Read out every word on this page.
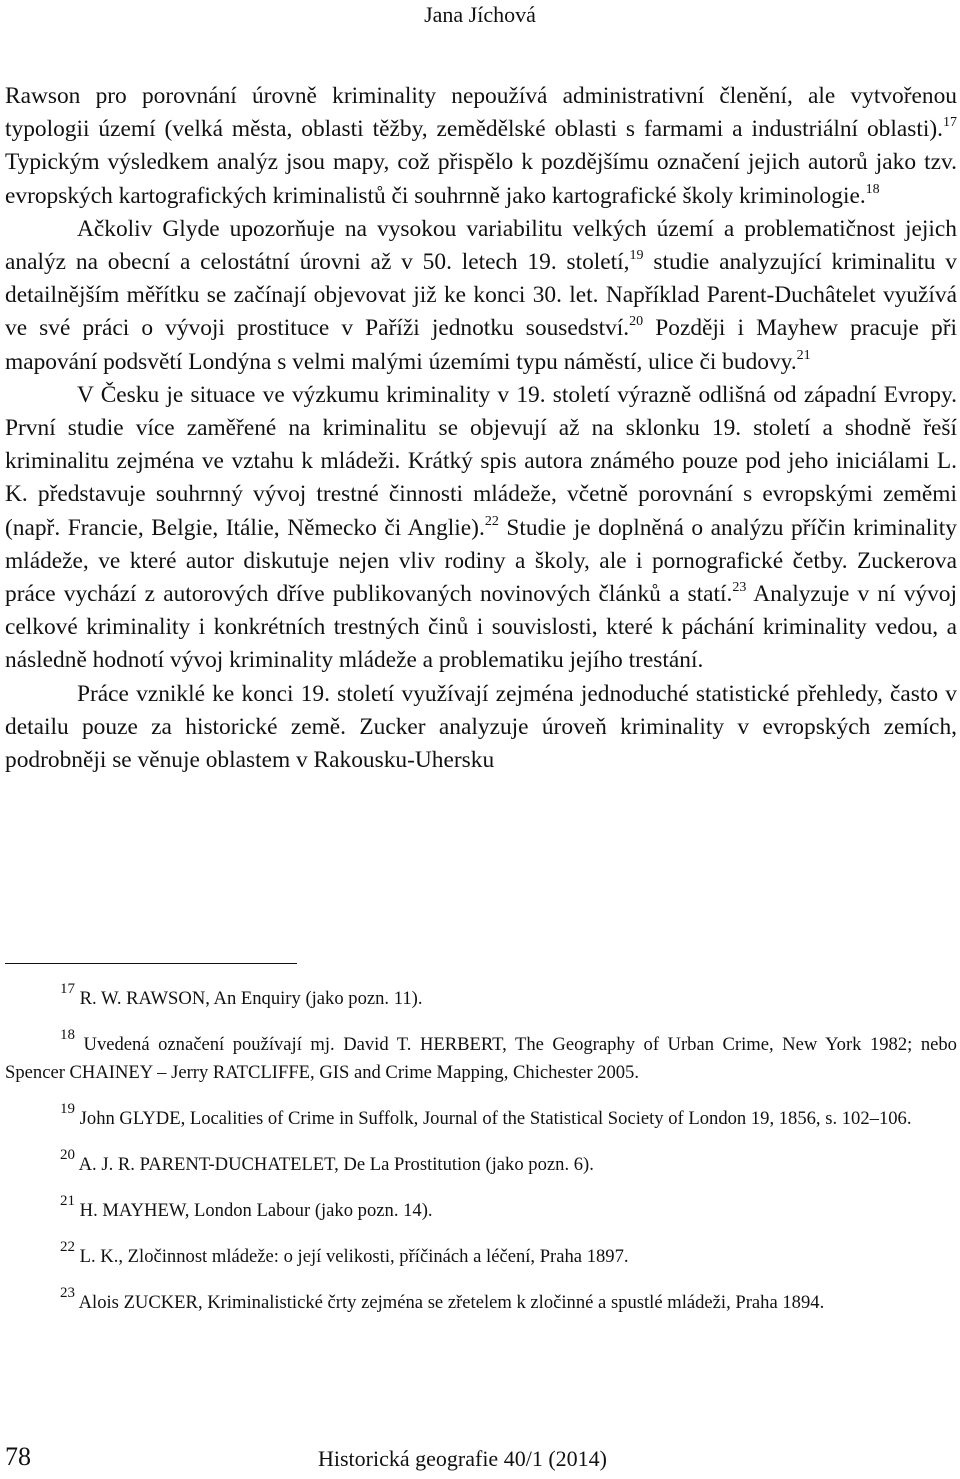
Jana Jíchová

Rawson pro porovnání úrovně kriminality nepoužívá administrativní členění, ale vytvořenou typologii území (velká města, oblasti těžby, zemědělské oblasti s farmami a industriální oblasti).$^{17}$ Typickým výsledkem analýz jsou mapy, což přispělo k pozdějšímu označení jejich autorů jako tzv. evropských kartografických kriminalistů či souhrnně jako kartografické školy kriminologie.$^{18}$

Ačkoliv Glyde upozorňuje na vysokou variabilitu velkých území a problematičnost jejich analýz na obecní a celostátní úrovni až v 50. letech 19. století,$^{19}$ studie analyzující kriminalitu v detailnějším měřítku se začínají objevovat již ke konci 30. let. Například Parent-Duchâtelet využívá ve své práci o vývoji prostituce v Paříži jednotku sousedství.$^{20}$ Později i Mayhew pracuje při mapování podsvětí Londýna s velmi malými územími typu náměstí, ulice či budovy.$^{21}$

V Česku je situace ve výzkumu kriminality v 19. století výrazně odlišná od západní Evropy. První studie více zaměřené na kriminalitu se objevují až na sklonku 19. století a shodně řeší kriminalitu zejména ve vztahu k mládeži. Krátký spis autora známého pouze pod jeho iniciálami L. K. představuje souhrnný vývoj trestné činnosti mládeže, včetně porovnání s evropskými zeměmi (např. Francie, Belgie, Itálie, Německo či Anglie).$^{22}$ Studie je doplněná o analýzu příčin kriminality mládeže, ve které autor diskutuje nejen vliv rodiny a školy, ale i pornografické četby. Zuckerova práce vychází z autorových dříve publikovaných novinových článků a statí.$^{23}$ Analyzuje v ní vývoj celkové kriminality i konkrétních trestných činů i souvislosti, které k páchání kriminality vedou, a následně hodnotí vývoj kriminality mládeže a problematiku jejího trestání.

Práce vzniklé ke konci 19. století využívají zejména jednoduché statistické přehledy, často v detailu pouze za historické země. Zucker analyzuje úroveň kriminality v evropských zemích, podrobněji se věnuje oblastem v Rakousku-Uhersku

$^{17}$ R. W. RAWSON, An Enquiry (jako pozn. 11).

$^{18}$ Uvedená označení používají mj. David T. HERBERT, The Geography of Urban Crime, New York 1982; nebo Spencer CHAINEY – Jerry RATCLIFFE, GIS and Crime Mapping, Chichester 2005.

$^{19}$ John GLYDE, Localities of Crime in Suffolk, Journal of the Statistical Society of London 19, 1856, s. 102–106.

$^{20}$ A. J. R. PARENT-DUCHATELET, De La Prostitution (jako pozn. 6).

$^{21}$ H. MAYHEW, London Labour (jako pozn. 14).

$^{22}$ L. K., Zločinnost mládeže: o její velikosti, příčinách a léčení, Praha 1897.

$^{23}$ Alois ZUCKER, Kriminalistické črty zejména se zřetelem k zločinné a spustlé mládeži, Praha 1894.

78	Historická geografie 40/1 (2014)
